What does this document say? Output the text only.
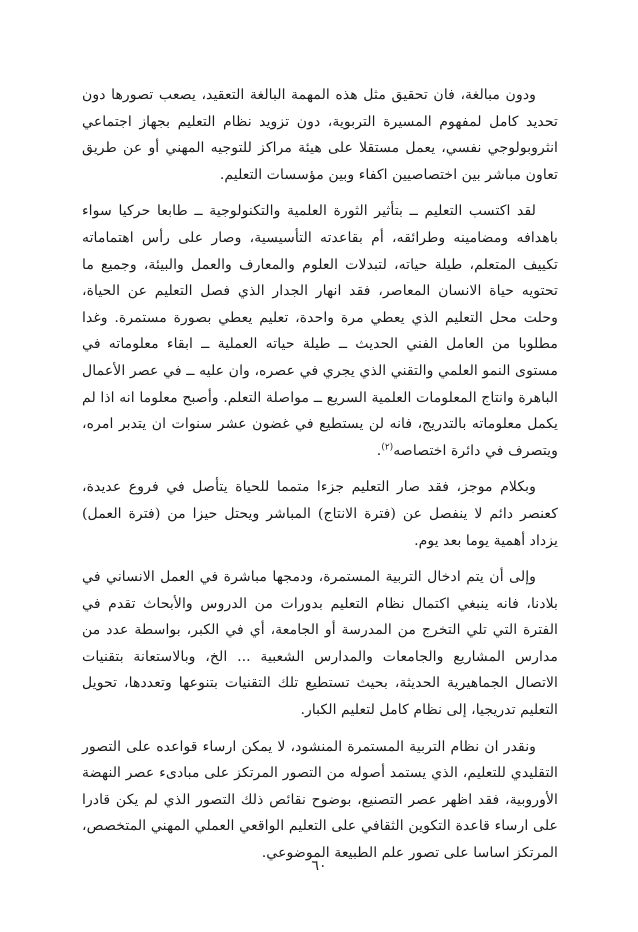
ودون مبالغة، فان تحقيق مثل هذه المهمة البالغة التعقيد، يصعب تصورها دون تحديد كامل لمفهوم المسيرة التربوية، دون تزويد نظام التعليم بجهاز اجتماعي انثروبولوجي نفسي، يعمل مستقلا على هيئة مراكز للتوجيه المهني أو عن طريق تعاون مباشر بين اختصاصيين اكفاء وبين مؤسسات التعليم.

لقد اكتسب التعليم ــ بتأثير الثورة العلمية والتكنولوجية ــ طابعا حركيا سواء باهدافه ومضامينه وطرائقه، أم بقاعدته التأسيسية، وصار على رأس اهتماماته تكييف المتعلم، طيلة حياته، لتبدلات العلوم والمعارف والعمل والبيئة، وجميع ما تحتويه حياة الانسان المعاصر، فقد انهار الجدار الذي فصل التعليم عن الحياة، وحلت محل التعليم الذي يعطي مرة واحدة، تعليم يعطي بصورة مستمرة. وغدا مطلوبا من العامل الفني الحديث ــ طيلة حياته العملية ــ ابقاء معلوماته في مستوى النمو العلمي والتقني الذي يجري في عصره، وان عليه ــ في عصر الأعمال الباهرة وانتاج المعلومات العلمية السريع ــ مواصلة التعلم. وأصبح معلوما انه اذا لم يكمل معلوماته بالتدريج، فانه لن يستطيع في غضون عشر سنوات ان يتدبر امره، ويتصرف في دائرة اختصاصه$^{(٢)}$.

وبكلام موجز، فقد صار التعليم جزءا متمما للحياة يتأصل في فروع عديدة، كعنصر دائم لا ينفصل عن (فترة الانتاج) المباشر ويحتل حيزا من (فترة العمل) يزداد أهمية يوما بعد يوم.

وإلى أن يتم ادخال التربية المستمرة، ودمجها مباشرة في العمل الانساني في بلادنا، فانه ينبغي اكتمال نظام التعليم بدورات من الدروس والأبحاث تقدم في الفترة التي تلي التخرج من المدرسة أو الجامعة، أي في الكبر، بواسطة عدد من مدارس المشاريع والجامعات والمدارس الشعبية ... الخ، وبالاستعانة بتقنيات الاتصال الجماهيرية الحديثة، بحيث تستطيع تلك التقنيات بتنوعها وتعددها، تحويل التعليم تدريجيا، إلى نظام كامل لتعليم الكبار.

ونقدر ان نظام التربية المستمرة المنشود، لا يمكن ارساء قواعده على التصور التقليدي للتعليم، الذي يستمد أصوله من التصور المرتكز على مبادىء عصر النهضة الأوروبية، فقد اظهر عصر التصنيع، بوضوح نقائص ذلك التصور الذي لم يكن قادرا على ارساء قاعدة التكوين الثقافي على التعليم الواقعي العملي المهني المتخصص، المرتكز اساسا على تصور علم الطبيعة الموضوعي.

٦٠
